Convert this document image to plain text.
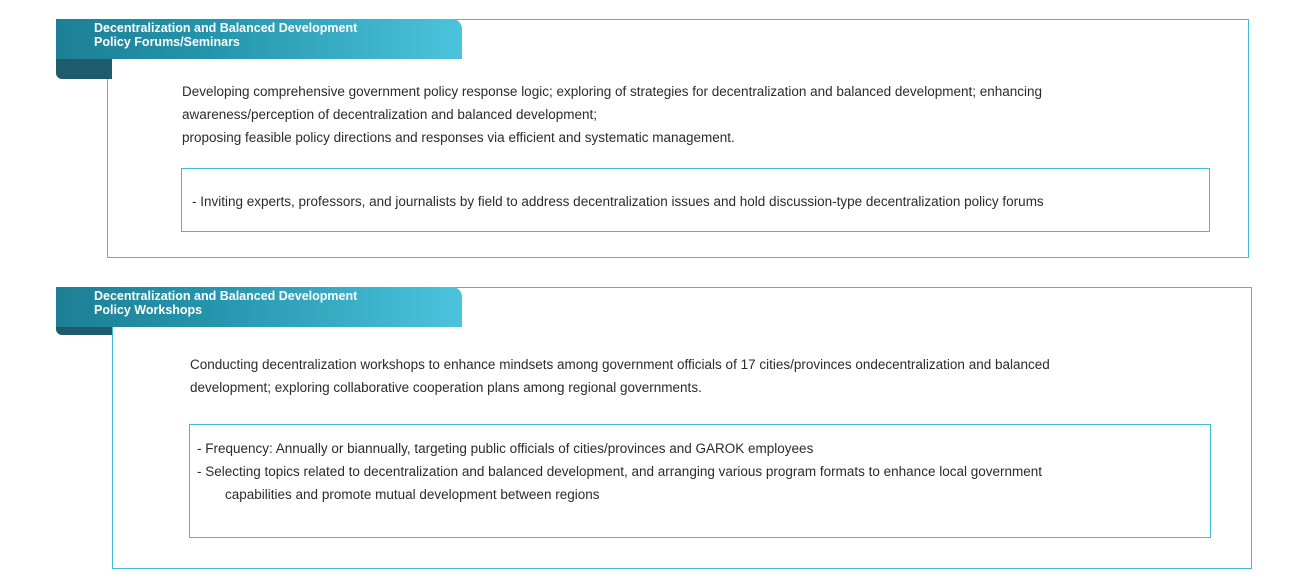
Decentralization and Balanced Development
Policy Forums/Seminars

Developing comprehensive government policy response logic; exploring of strategies for decentralization and balanced development; enhancing

awareness/perception of decentralization and balanced development;

proposing feasible policy directions and responses via efficient and systematic management.

- Inviting experts, professors, and journalists by field to address decentralization issues and hold discussion-type decentralization policy forums

Decentralization and Balanced Development
Policy Workshops

Conducting decentralization workshops to enhance mindsets among government officials of 17 cities/provinces ondecentralization and balanced

development; exploring collaborative cooperation plans among regional governments.

- Frequency: Annually or biannually, targeting public officials of cities/provinces and GAROK employees

- Selecting topics related to decentralization and balanced development, and arranging various program formats to enhance local government

capabilities and promote mutual development between regions
